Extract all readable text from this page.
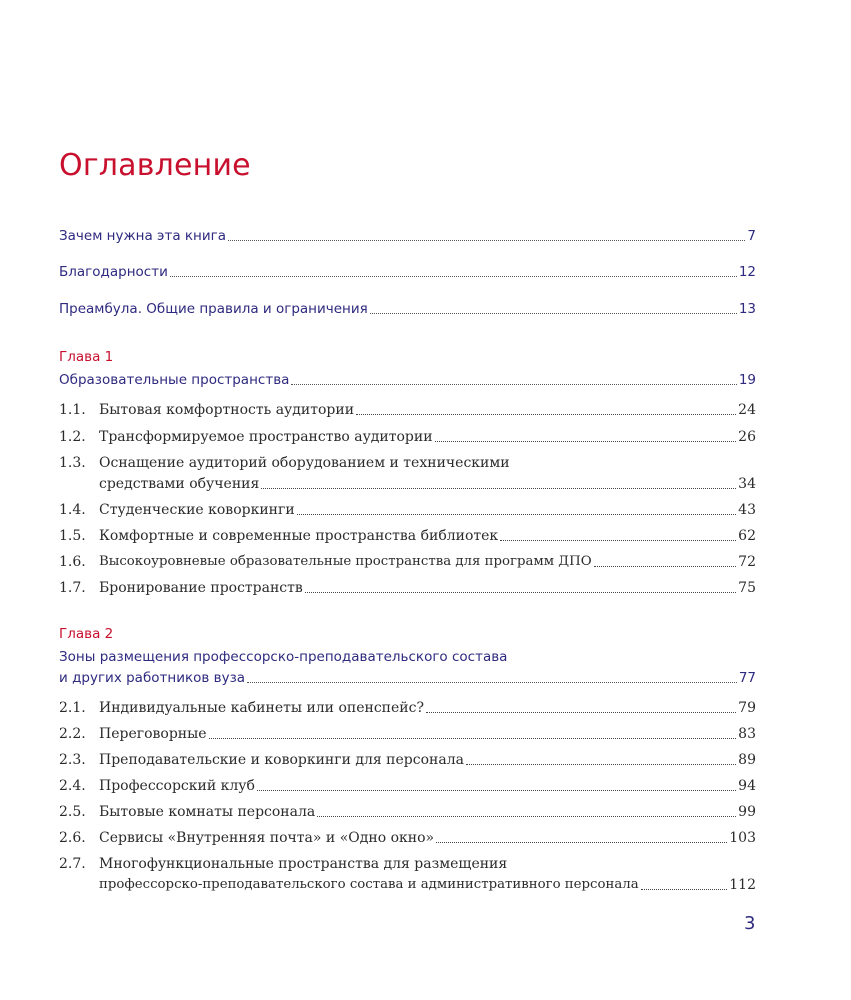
Оглавление
Зачем нужна эта книга	7
Благодарности	12
Преамбула. Общие правила и ограничения	13
Глава 1
Образовательные пространства	19
1.1. Бытовая комфортность аудитории	24
1.2. Трансформируемое пространство аудитории	26
1.3. Оснащение аудиторий оборудованием и техническими
средствами обучения	34
1.4. Студенческие коворкинги	43
1.5. Комфортные и современные пространства библиотек	62
1.6. Высокоуровневые образовательные пространства для программ ДПО	72
1.7. Бронирование пространств	75
Глава 2
Зоны размещения профессорско-преподавательского состава
и других работников вуза	77
2.1. Индивидуальные кабинеты или опенспейс?	79
2.2. Переговорные	83
2.3. Преподавательские и коворкинги для персонала	89
2.4. Профессорский клуб	94
2.5. Бытовые комнаты персонала	99
2.6. Сервисы «Внутренняя почта» и «Одно окно»	103
2.7. Многофункциональные пространства для размещения
профессорско-преподавательского состава и административного персонала	112
3
